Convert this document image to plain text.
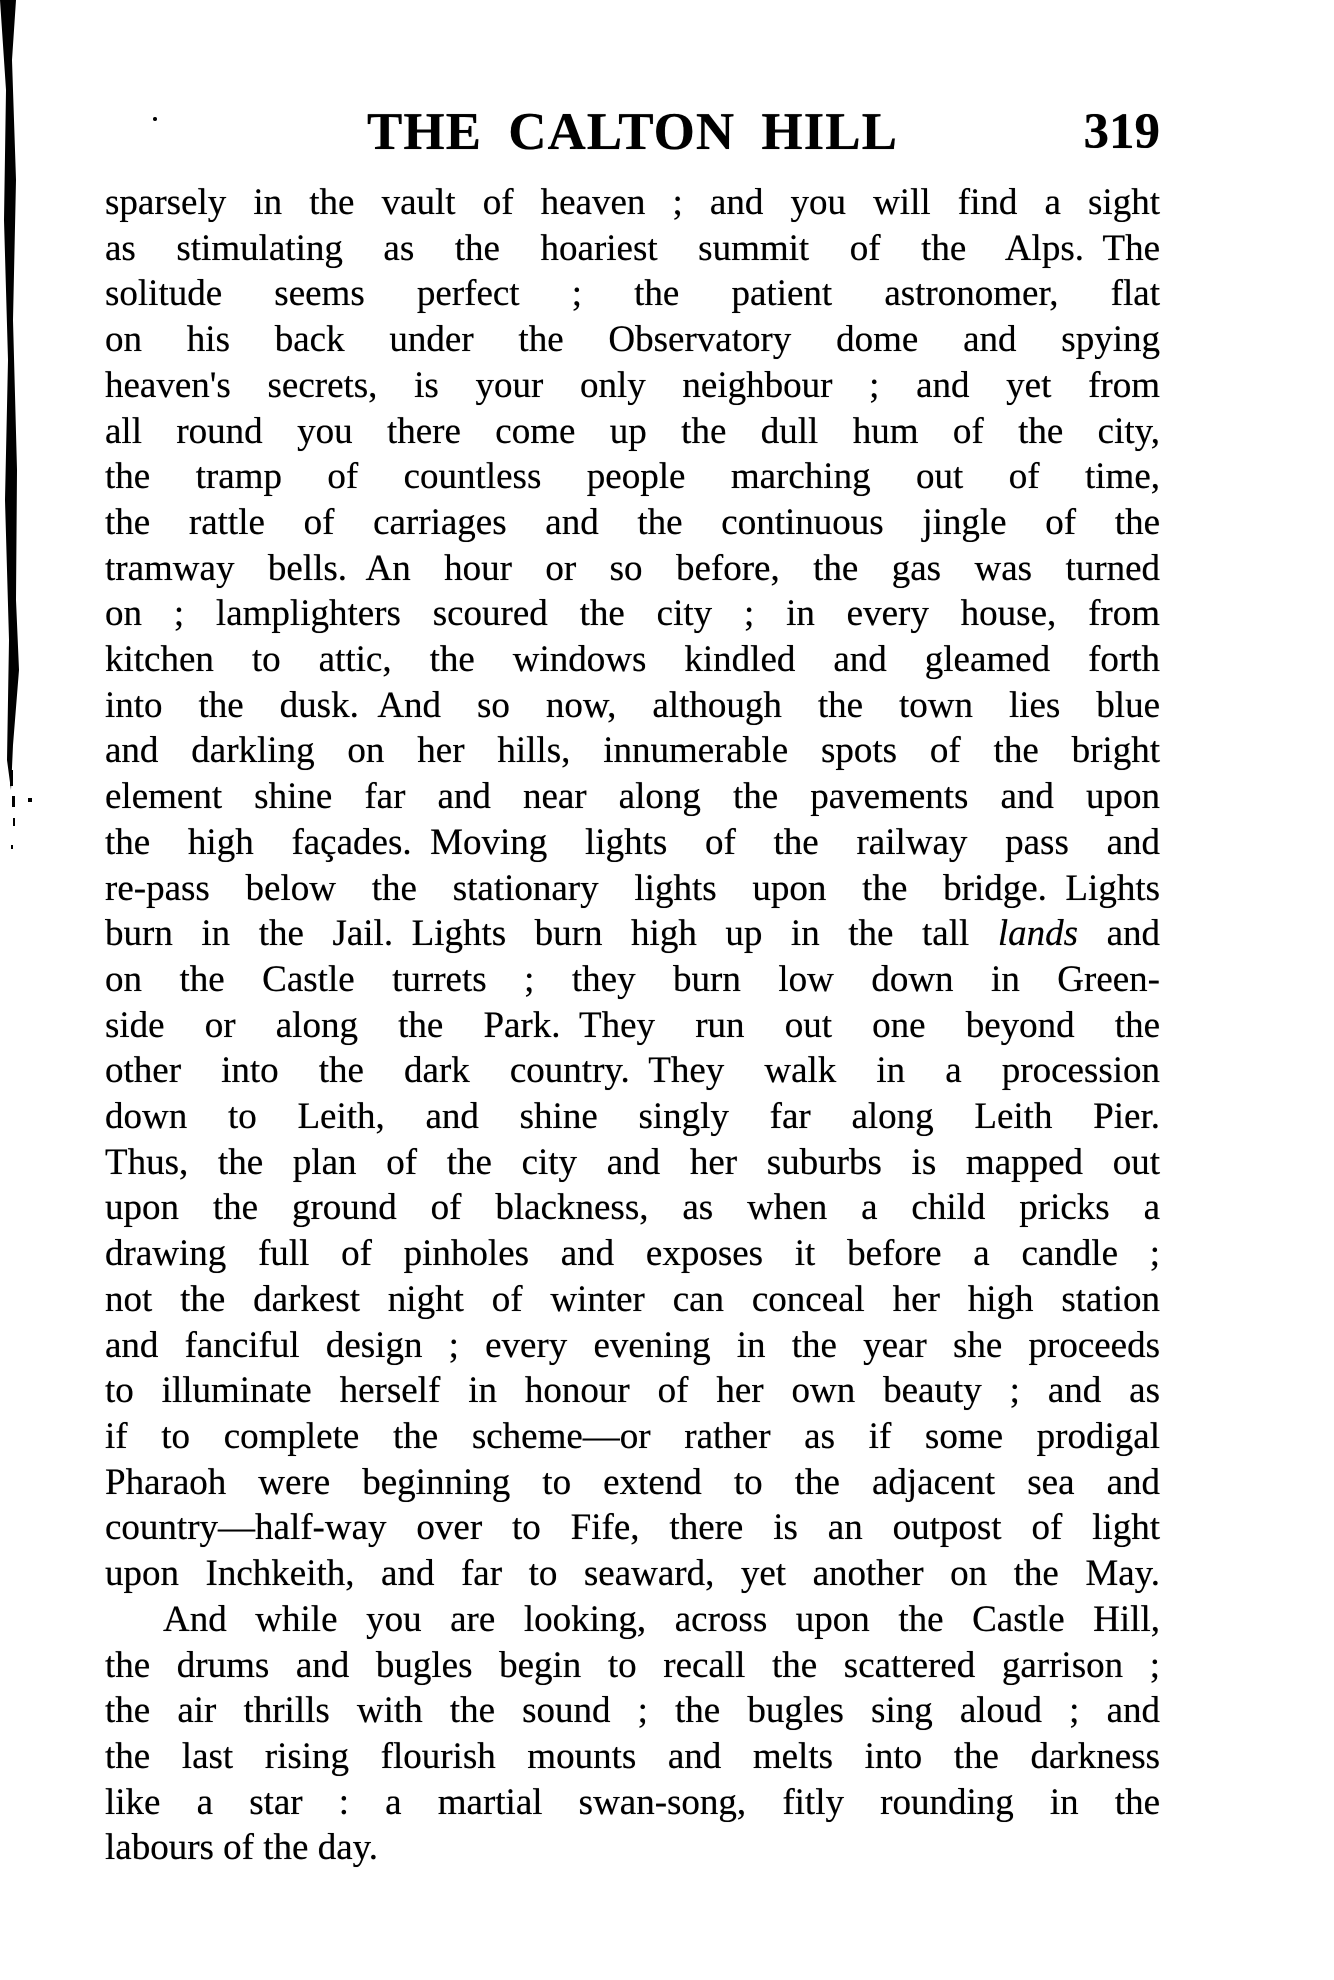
THE CALTON HILL	319
sparsely in the vault of heaven ; and you will find a sight
as stimulating as the hoariest summit of the Alps. The
solitude seems perfect ; the patient astronomer, flat
on his back under the Observatory dome and spying
heaven's secrets, is your only neighbour ; and yet from
all round you there come up the dull hum of the city,
the tramp of countless people marching out of time,
the rattle of carriages and the continuous jingle of the
tramway bells. An hour or so before, the gas was turned
on ; lamplighters scoured the city ; in every house, from
kitchen to attic, the windows kindled and gleamed forth
into the dusk. And so now, although the town lies blue
and darkling on her hills, innumerable spots of the bright
element shine far and near along the pavements and upon
the high façades. Moving lights of the railway pass and
re-pass below the stationary lights upon the bridge. Lights
burn in the Jail. Lights burn high up in the tall lands and
on the Castle turrets ; they burn low down in Green-
side or along the Park. They run out one beyond the
other into the dark country. They walk in a procession
down to Leith, and shine singly far along Leith Pier.
Thus, the plan of the city and her suburbs is mapped out
upon the ground of blackness, as when a child pricks a
drawing full of pinholes and exposes it before a candle ;
not the darkest night of winter can conceal her high station
and fanciful design ; every evening in the year she proceeds
to illuminate herself in honour of her own beauty ; and as
if to complete the scheme—or rather as if some prodigal
Pharaoh were beginning to extend to the adjacent sea and
country—half-way over to Fife, there is an outpost of light
upon Inchkeith, and far to seaward, yet another on the May.
And while you are looking, across upon the Castle Hill,
the drums and bugles begin to recall the scattered garrison ;
the air thrills with the sound ; the bugles sing aloud ; and
the last rising flourish mounts and melts into the darkness
like a star : a martial swan-song, fitly rounding in the
labours of the day.
